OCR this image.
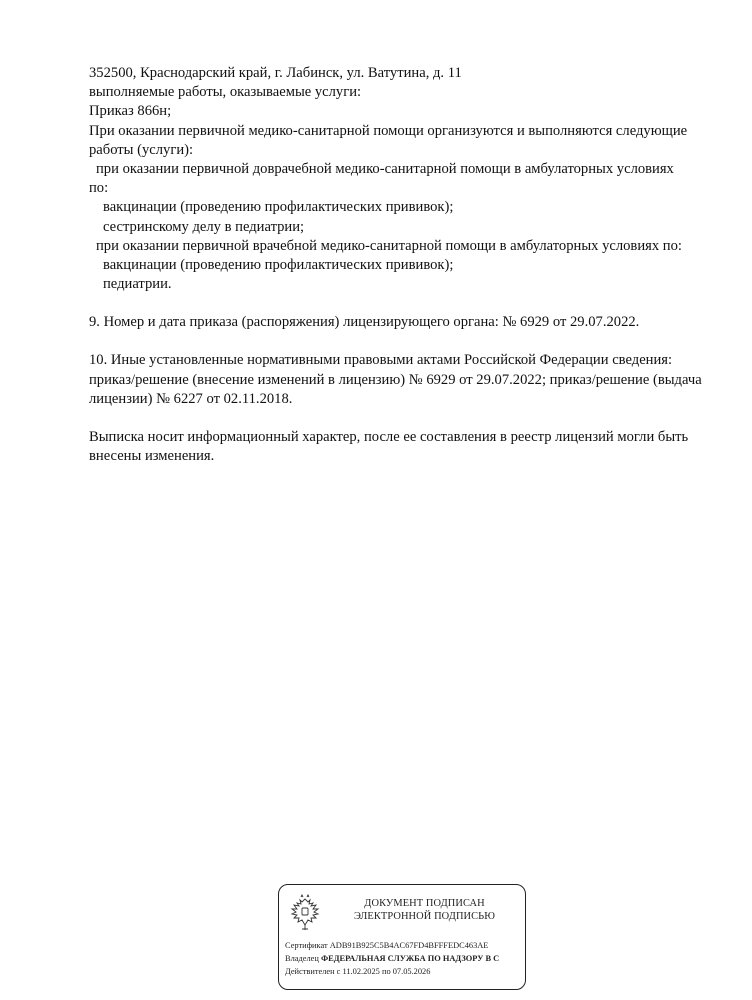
352500, Краснодарский край, г. Лабинск, ул. Ватутина, д. 11
выполняемые работы, оказываемые услуги:
Приказ 866н;
При оказании первичной медико-санитарной помощи организуются и выполняются следующие
работы (услуги):
при оказании первичной доврачебной медико-санитарной помощи в амбулаторных условиях
по:
вакцинации (проведению профилактических прививок);
сестринскому делу в педиатрии;
при оказании первичной врачебной медико-санитарной помощи в амбулаторных условиях по:
вакцинации (проведению профилактических прививок);
педиатрии.
9. Номер и дата приказа (распоряжения) лицензирующего органа: № 6929 от 29.07.2022.
10. Иные установленные нормативными правовыми актами Российской Федерации сведения:
приказ/решение (внесение изменений в лицензию) № 6929 от 29.07.2022; приказ/решение (выдача
лицензии) № 6227 от 02.11.2018.
Выписка носит информационный характер, после ее составления в реестр лицензий могли быть
внесены изменения.
ДОКУМЕНТ ПОДПИСАН
ЭЛЕКТРОННОЙ ПОДПИСЬЮ
Сертификат ADB91B925C5B4AC67FD4BFFFEDC463AE
Владелец ФЕДЕРАЛЬНАЯ СЛУЖБА ПО НАДЗОРУ В С
Действителен с 11.02.2025 по 07.05.2026
